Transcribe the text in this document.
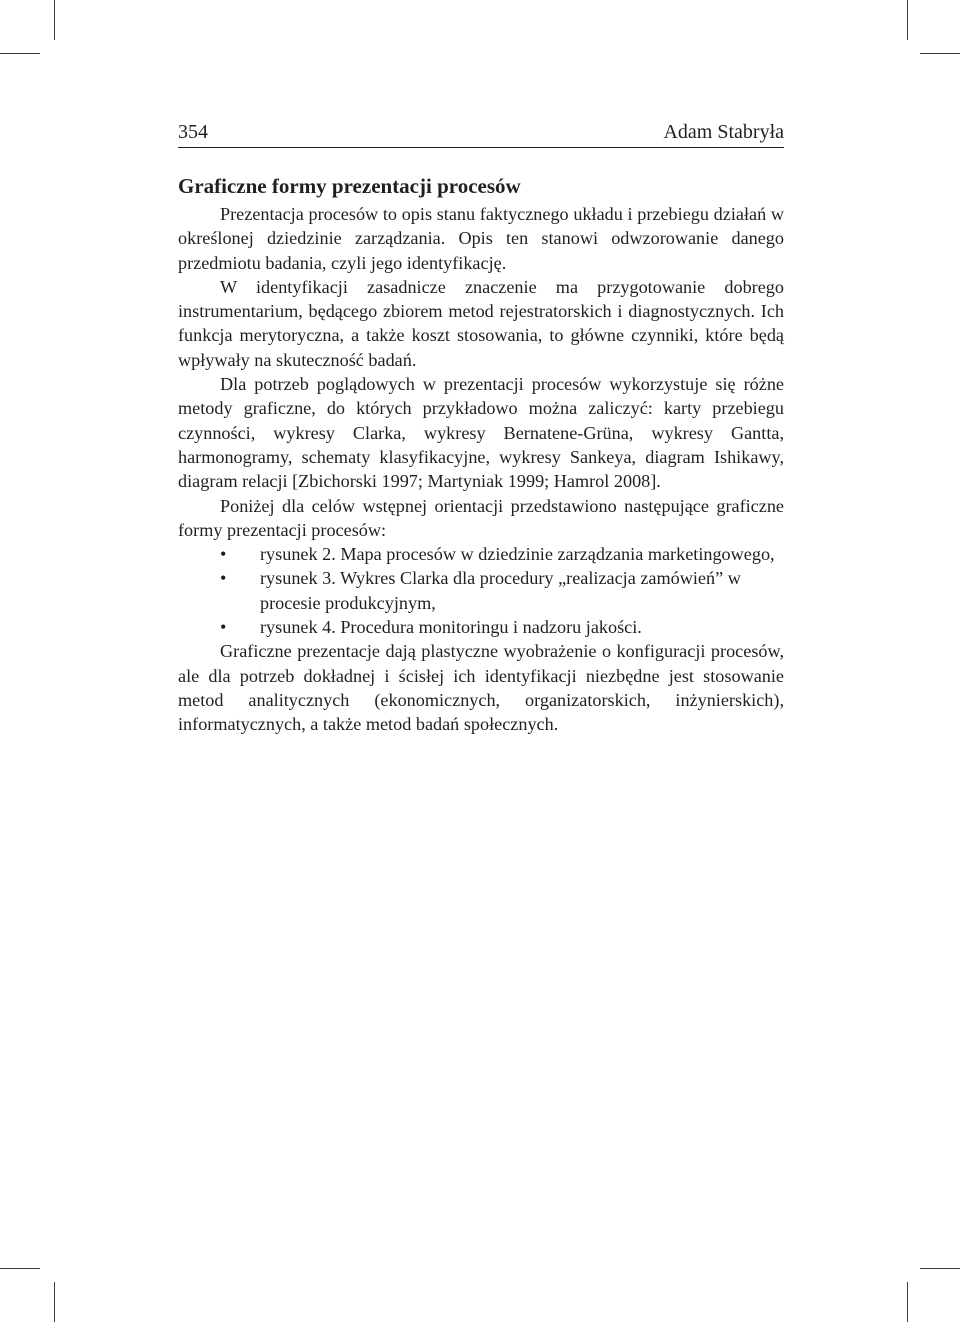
354	Adam Stabryła
Graficzne formy prezentacji procesów

Prezentacja procesów to opis stanu faktycznego układu i przebiegu działań w określonej dziedzinie zarządzania. Opis ten stanowi odwzorowanie danego przedmiotu badania, czyli jego identyfikację.

W identyfikacji zasadnicze znaczenie ma przygotowanie dobrego instrumentarium, będącego zbiorem metod rejestratorskich i diagnostycznych. Ich funkcja merytoryczna, a także koszt stosowania, to główne czynniki, które będą wpływały na skuteczność badań.

Dla potrzeb poglądowych w prezentacji procesów wykorzystuje się różne metody graficzne, do których przykładowo można zaliczyć: karty przebiegu czynności, wykresy Clarka, wykresy Bernatene-Grüna, wykresy Gantta, harmonogramy, schematy klasyfikacyjne, wykresy Sankeya, diagram Ishikawy, diagram relacji [Zbichorski 1997; Martyniak 1999; Hamrol 2008].

Poniżej dla celów wstępnej orientacji przedstawiono następujące graficzne formy prezentacji procesów:

• rysunek 2. Mapa procesów w dziedzinie zarządzania marketingowego,
• rysunek 3. Wykres Clarka dla procedury „realizacja zamówień” w procesie produkcyjnym,
• rysunek 4. Procedura monitoringu i nadzoru jakości.

Graficzne prezentacje dają plastyczne wyobrażenie o konfiguracji procesów, ale dla potrzeb dokładnej i ścisłej ich identyfikacji niezbędne jest stosowanie metod analitycznych (ekonomicznych, organizatorskich, inżynierskich), informatycznych, a także metod badań społecznych.
